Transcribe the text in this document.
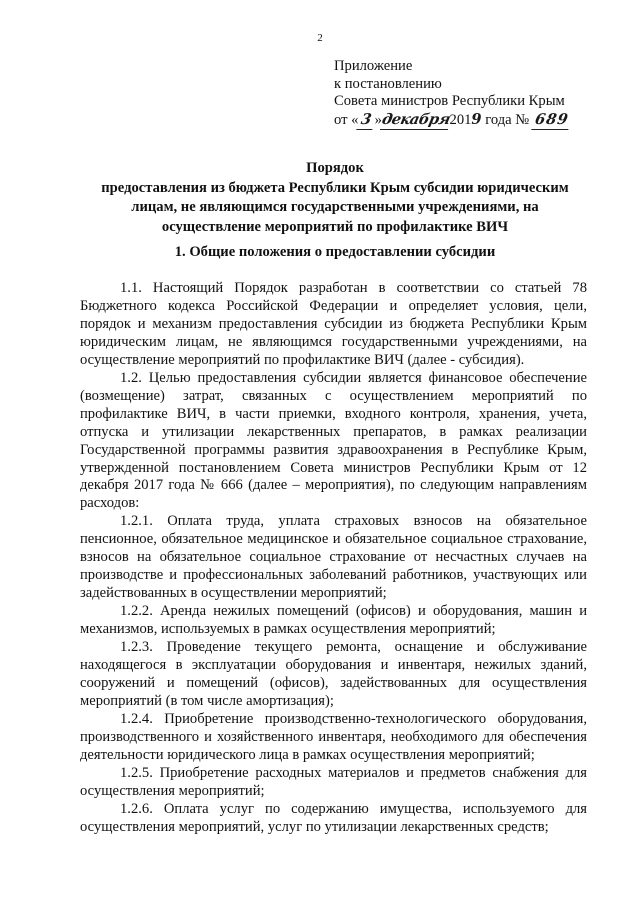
2
Приложение
к постановлению
Совета министров Республики Крым
от « 3»декабря2019 года № 689
Порядок
предоставления из бюджета Республики Крым субсидии юридическим
лицам, не являющимся государственными учреждениями, на
осуществление мероприятий по профилактике ВИЧ
1. Общие положения о предоставлении субсидии

1.1. Настоящий Порядок разработан в соответствии со статьей 78 Бюджетного кодекса Российской Федерации и определяет условия, цели, порядок и механизм предоставления субсидии из бюджета Республики Крым юридическим лицам, не являющимся государственными учреждениями, на осуществление мероприятий по профилактике ВИЧ (далее - субсидия).

1.2. Целью предоставления субсидии является финансовое обеспечение (возмещение) затрат, связанных с осуществлением мероприятий по профилактике ВИЧ, в части приемки, входного контроля, хранения, учета, отпуска и утилизации лекарственных препаратов, в рамках реализации Государственной программы развития здравоохранения в Республике Крым, утвержденной постановлением Совета министров Республики Крым от 12 декабря 2017 года № 666 (далее – мероприятия), по следующим направлениям расходов:

1.2.1. Оплата труда, уплата страховых взносов на обязательное пенсионное, обязательное медицинское и обязательное социальное страхование, взносов на обязательное социальное страхование от несчастных случаев на производстве и профессиональных заболеваний работников, участвующих или задействованных в осуществлении мероприятий;

1.2.2. Аренда нежилых помещений (офисов) и оборудования, машин и механизмов, используемых в рамках осуществления мероприятий;

1.2.3. Проведение текущего ремонта, оснащение и обслуживание находящегося в эксплуатации оборудования и инвентаря, нежилых зданий, сооружений и помещений (офисов), задействованных для осуществления мероприятий (в том числе амортизация);

1.2.4. Приобретение производственно-технологического оборудования, производственного и хозяйственного инвентаря, необходимого для обеспечения деятельности юридического лица в рамках осуществления мероприятий;

1.2.5. Приобретение расходных материалов и предметов снабжения для осуществления мероприятий;

1.2.6. Оплата услуг по содержанию имущества, используемого для осуществления мероприятий, услуг по утилизации лекарственных средств;
